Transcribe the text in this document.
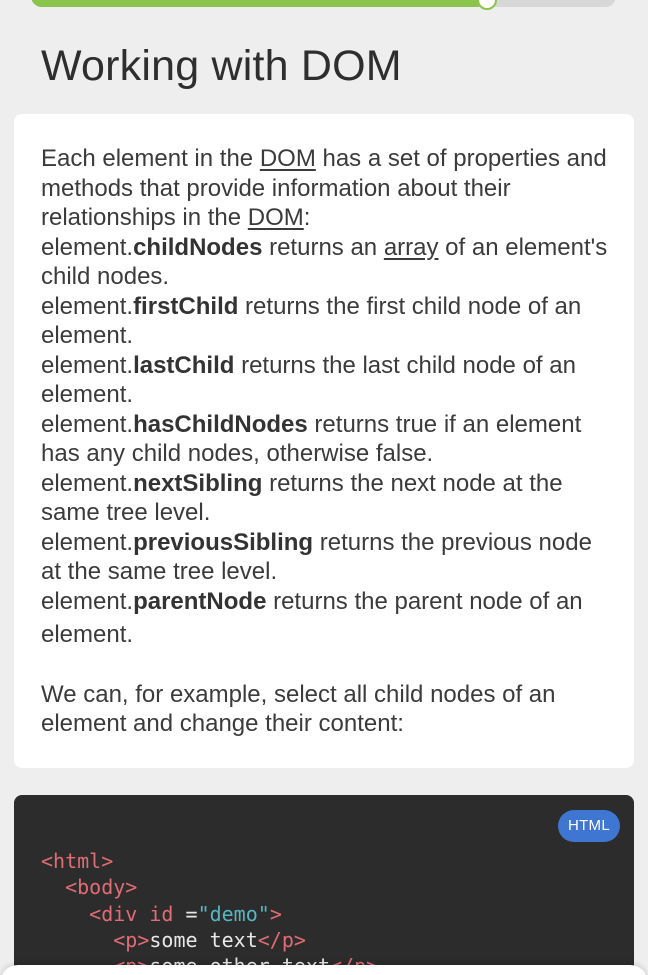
Working with DOM

Each element in the DOM has a set of properties and methods that provide information about their relationships in the DOM:

element.childNodes returns an array of an element's child nodes.

element.firstChild returns the first child node of an element.

element.lastChild returns the last child node of an element.

element.hasChildNodes returns true if an element has any child nodes, otherwise false.

element.nextSibling returns the next node at the same tree level.

element.previousSibling returns the previous node at the same tree level.

element.parentNode returns the parent node of an
element.

We can, for example, select all child nodes of an element and change their content:

HTML
<html>
<body>
<div id ="demo">
<p>some text</p>
